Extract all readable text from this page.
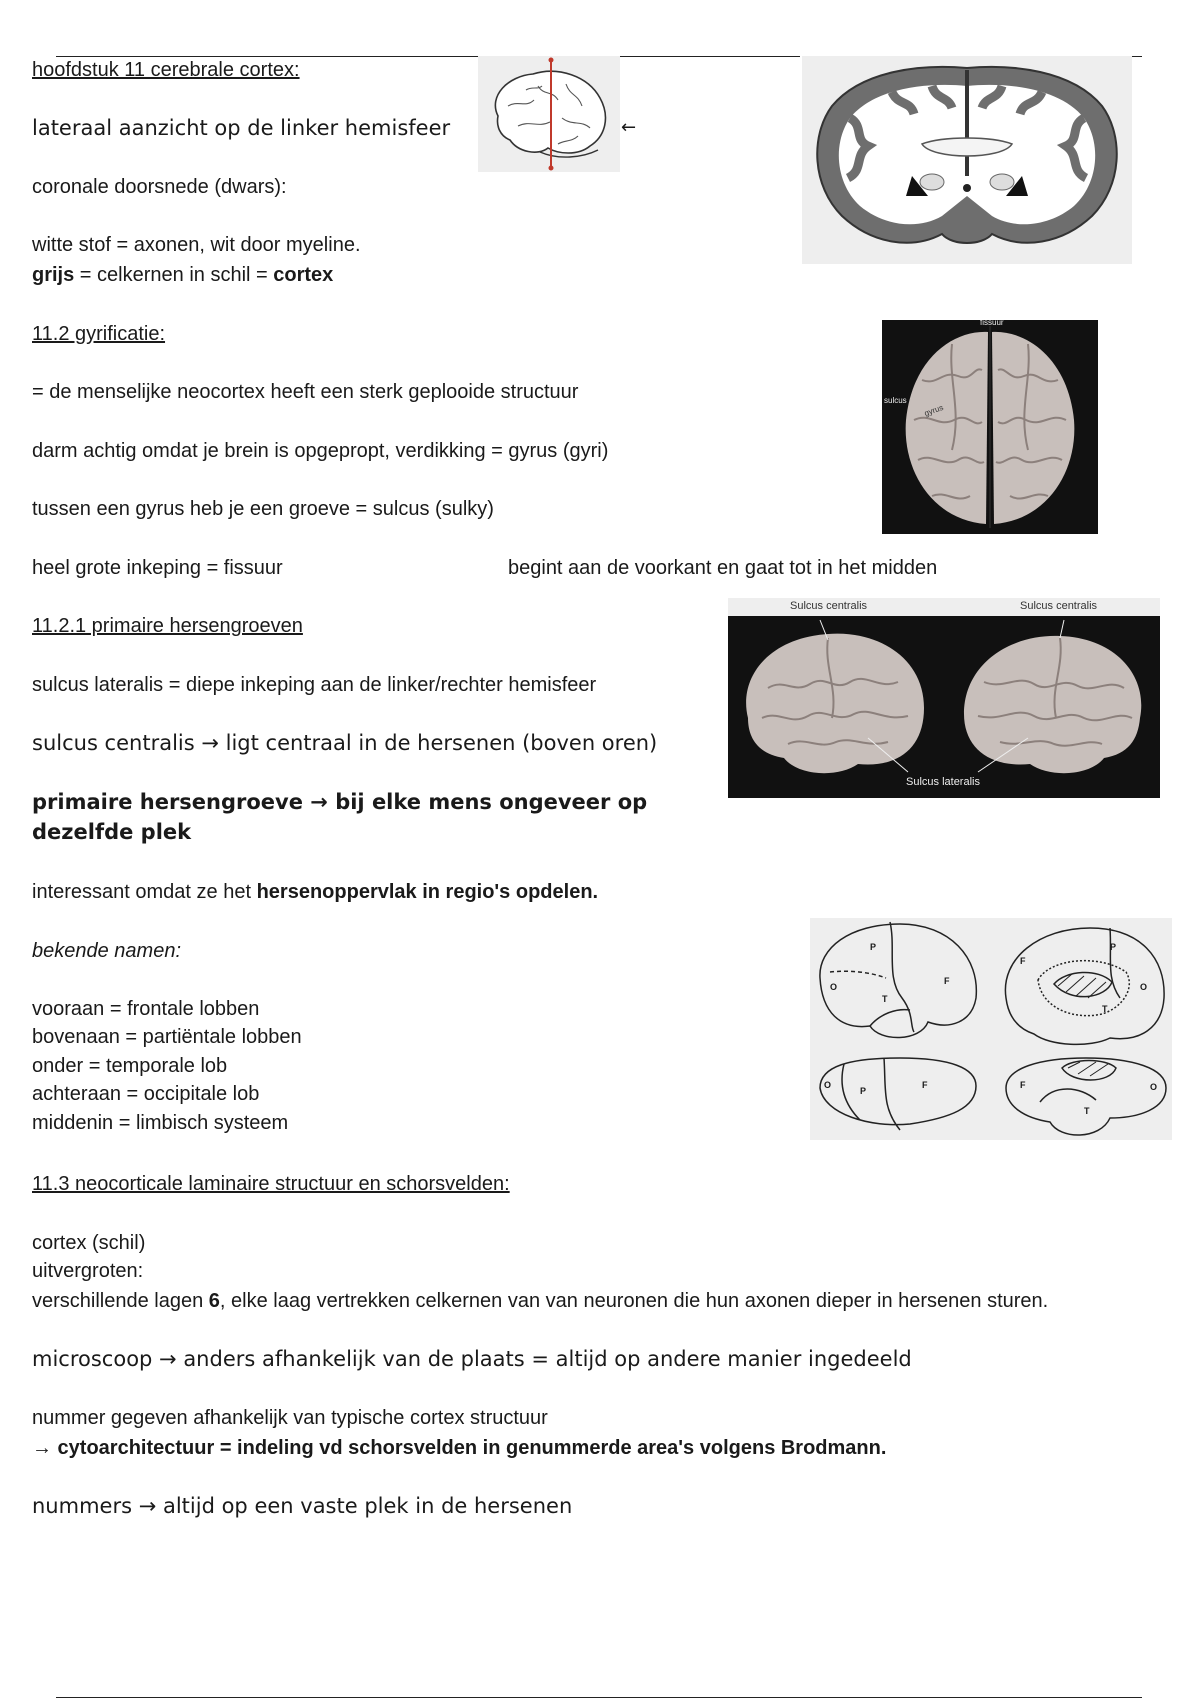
hoofdstuk 11 cerebrale cortex:
lateraal aanzicht op de linker hemisfeer
coronale doorsnede (dwars):
witte stof = axonen, wit door myeline.
grijs = celkernen in schil = cortex
11.2 gyrificatie:
= de menselijke neocortex heeft een sterk geplooide structuur
darm achtig omdat je brein is opgepropt, verdikking = gyrus (gyri)
tussen een gyrus heb je een groeve = sulcus (sulky)
heel grote inkeping = fissuur	begint aan de voorkant en gaat tot in het midden
11.2.1 primaire hersengroeven
sulcus lateralis = diepe inkeping aan de linker/rechter hemisfeer
sulcus centralis → ligt centraal in de hersenen (boven oren)
primaire hersengroeve → bij elke mens ongeveer op
dezelfde plek
interessant omdat ze het hersenoppervlak in regio's opdelen.
bekende namen:
vooraan = frontale lobben
bovenaan = partiëntale lobben
onder = temporale lob
achteraan = occipitale lob
middenin = limbisch systeem
11.3 neocorticale laminaire structuur en schorsvelden:
cortex (schil)
uitvergroten:
verschillende lagen 6, elke laag vertrekken celkernen van van neuronen die hun axonen dieper in hersenen sturen.
microscoop → anders afhankelijk van de plaats = altijd op andere manier ingedeeld
nummer gegeven afhankelijk van typische cortex structuur
→ cytoarchitectuur = indeling vd schorsvelden in genummerde area's volgens Brodmann.
nummers → altijd op een vaste plek in de hersenen
←
fissuur
sulcus
gyrus
Sulcus centralis	Sulcus centralis
Sulcus lateralis
P
F
O
T
F
P
O
T
O
P
F	F	O
T
